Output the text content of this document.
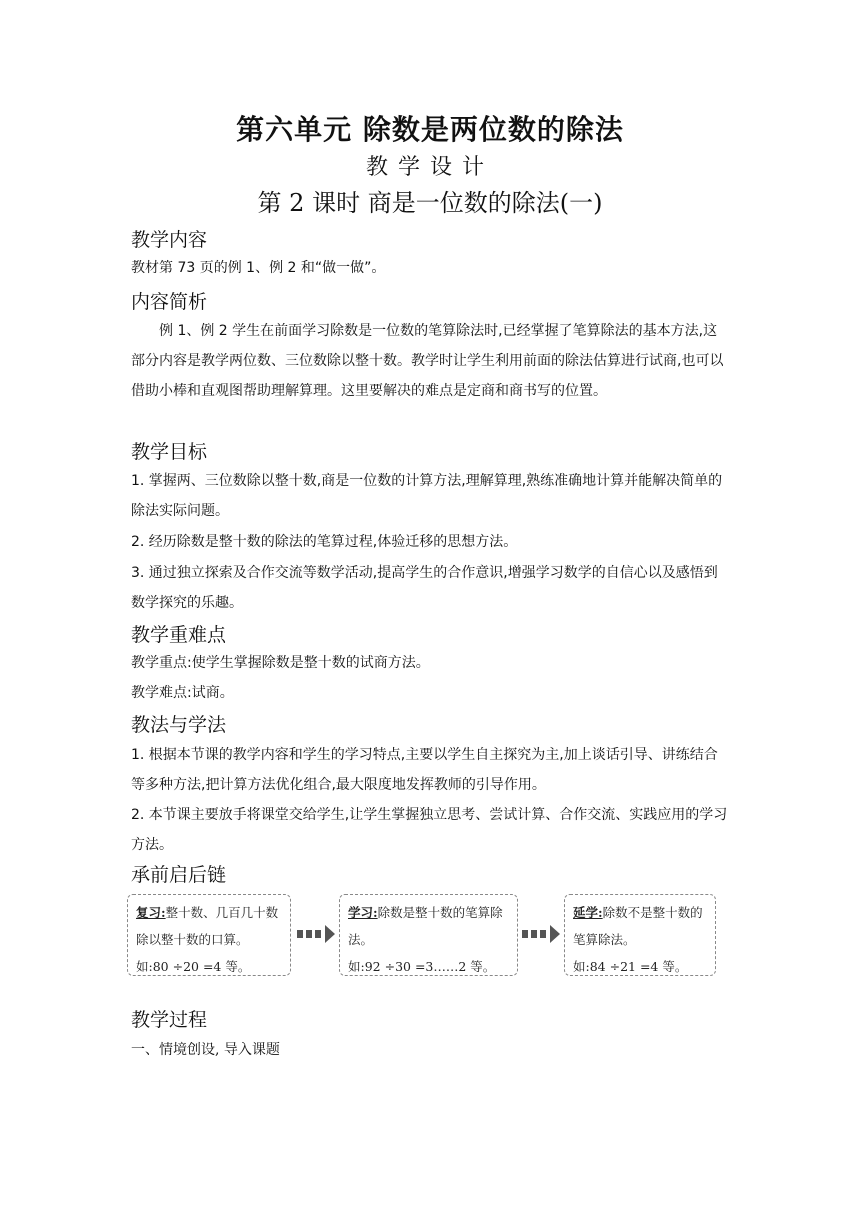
第六单元 除数是两位数的除法
教学设计
第 2 课时 商是一位数的除法(一)
教学内容
教材第 73 页的例 1、例 2 和“做一做”。
内容简析
例 1、例 2 学生在前面学习除数是一位数的笔算除法时,已经掌握了笔算除法的基本方法,这部分内容是教学两位数、三位数除以整十数。教学时让学生利用前面的除法估算进行试商,也可以借助小棒和直观图帮助理解算理。这里要解决的难点是定商和商书写的位置。
教学目标
1. 掌握两、三位数除以整十数,商是一位数的计算方法,理解算理,熟练准确地计算并能解决简单的除法实际问题。
2. 经历除数是整十数的除法的笔算过程,体验迁移的思想方法。
3. 通过独立探索及合作交流等数学活动,提高学生的合作意识,增强学习数学的自信心以及感悟到数学探究的乐趣。
教学重难点
教学重点:使学生掌握除数是整十数的试商方法。
教学难点:试商。
教法与学法
1. 根据本节课的教学内容和学生的学习特点,主要以学生自主探究为主,加上谈话引导、讲练结合等多种方法,把计算方法优化组合,最大限度地发挥教师的引导作用。
2. 本节课主要放手将课堂交给学生,让学生掌握独立思考、尝试计算、合作交流、实践应用的学习方法。
承前启后链
复习:整十数、几百几十数除以整十数的口算。
如:80 ÷20 =4 等。
学习:除数是整十数的笔算除法。
如:92 ÷30 =3……2 等。
延学:除数不是整十数的笔算除法。
如:84 ÷21 =4 等。
教学过程
一、情境创设, 导入课题
